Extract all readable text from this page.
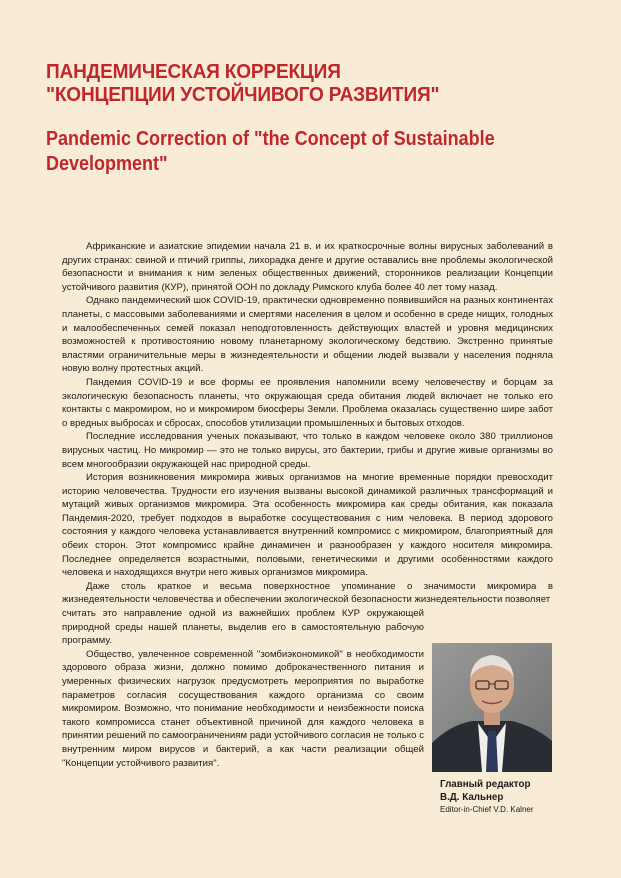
ПАНДЕМИЧЕСКАЯ КОРРЕКЦИЯ
"КОНЦЕПЦИИ УСТОЙЧИВОГО РАЗВИТИЯ"
Pandemic Correction of "the Concept of Sustainable
Development"

Африканские и азиатские эпидемии начала 21 в. и их краткосрочные волны вирусных заболеваний в других странах: свиной и птичий гриппы, лихорадка денге и другие оставались вне проблемы экологической безопасности и внимания к ним зеленых общественных движений, сторонников реализации Концепции устойчивого развития (КУР), принятой ООН по докладу Римского клуба более 40 лет тому назад.

Однако пандемический шок COVID-19, практически одновременно появившийся на разных континентах планеты, с массовыми заболеваниями и смертями населения в целом и особенно в среде нищих, голодных и малообеспеченных семей показал неподготовленность действующих властей и уровня медицинских возможностей к противостоянию новому планетарному экологическому бедствию. Экстренно принятые властями ограничительные меры в жизнедеятельности и общении людей вызвали у населения подняла новую волну протестных акций.

Пандемия COVID-19 и все формы ее проявления напомнили всему человечеству и борцам за экологическую безопасность планеты, что окружающая среда обитания людей включает не только его контакты с макромиром, но и микромиром биосферы Земли. Проблема оказалась существенно шире забот о вредных выбросах и сбросах, способов утилизации промышленных и бытовых отходов.

Последние исследования ученых показывают, что только в каждом человеке около 380 триллионов вирусных частиц. Но микромир — это не только вирусы, это бактерии, грибы и другие живые организмы во всем многообразии окружающей нас природной среды.

История возникновения микромира живых организмов на многие временные порядки превосходит историю человечества. Трудности его изучения вызваны высокой динамикой различных трансформаций и мутаций живых организмов микромира. Эта особенность микромира как среды обитания, как показала Пандемия-2020, требует подходов в выработке сосуществования с ним человека. В период здорового состояния у каждого человека устанавливается внутренний компромисс с микромиром, благоприятный для обеих сторон. Этот компромисс крайне динамичен и разнообразен у каждого носителя микромира. Последнее определяется возрастными, половыми, генетическими и другими особенностями каждого человека и находящихся внутри него живых организмов микромира.

Даже столь краткое и весьма поверхностное упоминание о значимости микромира в жизнедеятельности человечества и обеспечении экологической безопасности жизнедеятельности позволяет

считать это направление одной из важнейших проблем КУР окружающей природной среды нашей планеты, выделив его в самостоятельную рабочую программу.

Общество, увлеченное современной "зомбиэкономикой" в необходимости здорового образа жизни, должно помимо доброкачественного питания и умеренных физических нагрузок предусмотреть мероприятия по выработке параметров согласия сосуществования каждого организма со своим микромиром. Возможно, что понимание необходимости и неизбежности поиска такого компромисса станет объективной причиной для каждого человека в принятии решений по самоограничениям ради устойчивого согласия не только с внутренним миром вирусов и бактерий, а как части реализации общей "Концепции устойчивого развития".

Главный редактор
В.Д. Кальнер
Editor-in-Chief V.D. Kalner
